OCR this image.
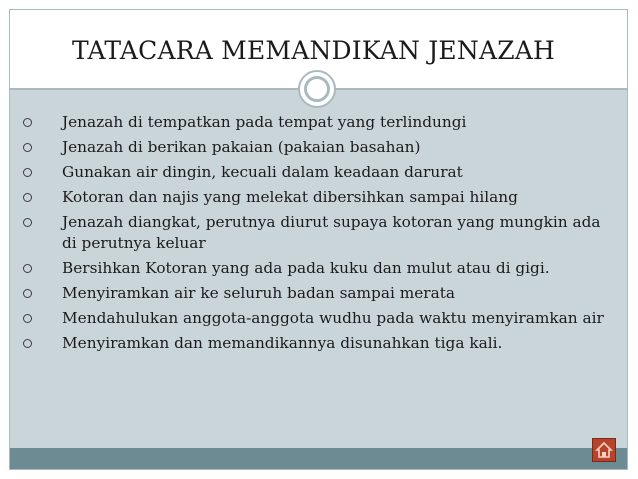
TATACARA MEMANDIKAN JENAZAH
Jenazah di tempatkan pada tempat yang terlindungi
Jenazah di berikan pakaian (pakaian basahan)
Gunakan air dingin, kecuali dalam keadaan darurat
Kotoran dan najis yang melekat dibersihkan sampai hilang
Jenazah diangkat, perutnya diurut supaya kotoran yang mungkin ada di perutnya keluar
Bersihkan Kotoran yang ada pada kuku dan mulut atau di gigi.
Menyiramkan air ke seluruh badan sampai merata
Mendahulukan anggota-anggota wudhu pada waktu menyiramkan air
Menyiramkan dan memandikannya disunahkan tiga kali.
